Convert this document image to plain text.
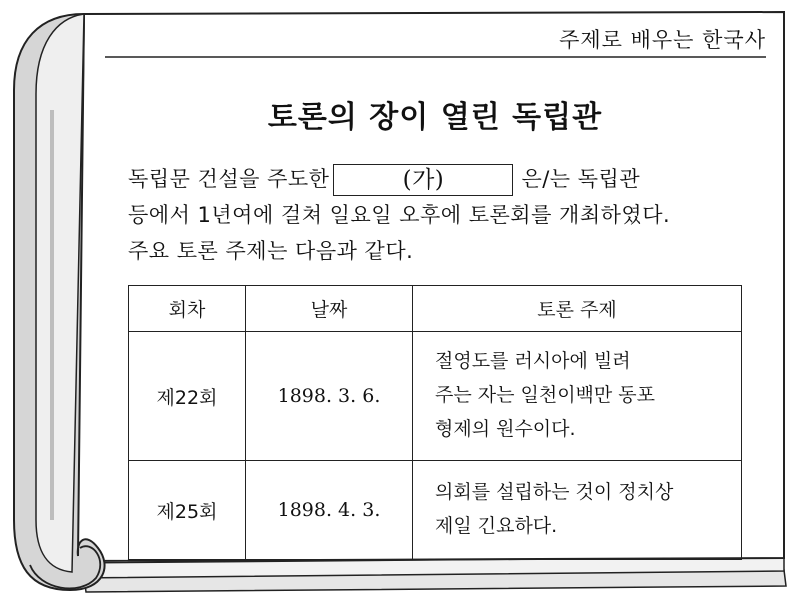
주제로 배우는 한국사
토론의 장이 열린 독립관
독립문 건설을 주도한	(가)	은/는 독립관
등에서 1년여에 걸쳐 일요일 오후에 토론회를 개최하였다.
주요 토론 주제는 다음과 같다.
회차	날짜	토론 주제
제22회	1898. 3. 6.	절영도를 러시아에 빌려
주는 자는 일천이백만 동포
형제의 원수이다.

제25회	1898. 4. 3.	의회를 설립하는 것이 정치상
제일 긴요하다.
